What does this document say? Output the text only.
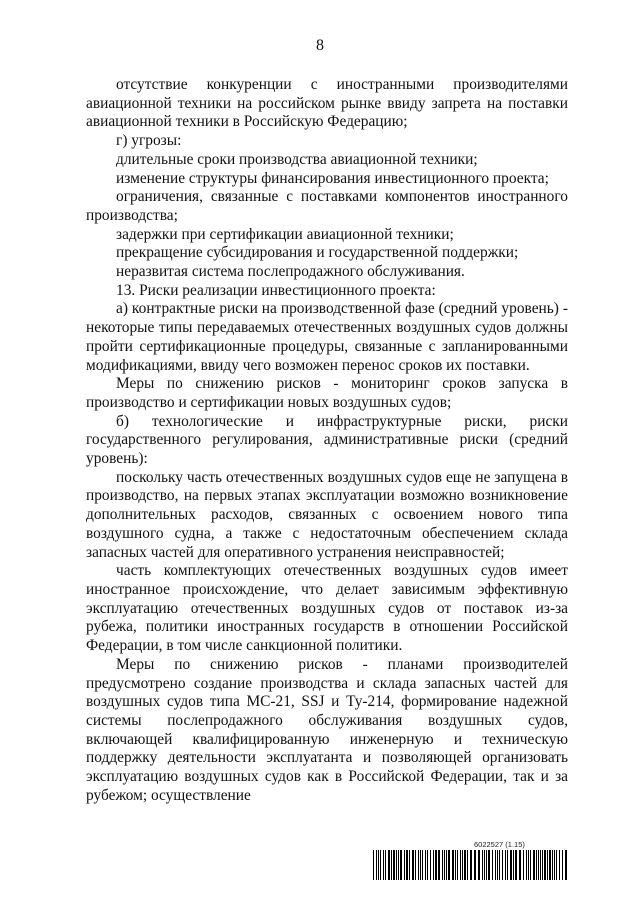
8

отсутствие конкуренции с иностранными производителями авиационной техники на российском рынке ввиду запрета на поставки авиационной техники в Российскую Федерацию;

г) угрозы:

длительные сроки производства авиационной техники;

изменение структуры финансирования инвестиционного проекта;

ограничения, связанные с поставками компонентов иностранного производства;

задержки при сертификации авиационной техники;

прекращение субсидирования и государственной поддержки;

неразвитая система послепродажного обслуживания.

13. Риски реализации инвестиционного проекта:

а) контрактные риски на производственной фазе (средний уровень) - некоторые типы передаваемых отечественных воздушных судов должны пройти сертификационные процедуры, связанные с запланированными модификациями, ввиду чего возможен перенос сроков их поставки.

Меры по снижению рисков - мониторинг сроков запуска в производство и сертификации новых воздушных судов;

б) технологические и инфраструктурные риски, риски государственного регулирования, административные риски (средний уровень):

поскольку часть отечественных воздушных судов еще не запущена в производство, на первых этапах эксплуатации возможно возникновение дополнительных расходов, связанных с освоением нового типа воздушного судна, а также с недостаточным обеспечением склада запасных частей для оперативного устранения неисправностей;

часть комплектующих отечественных воздушных судов имеет иностранное происхождение, что делает зависимым эффективную эксплуатацию отечественных воздушных судов от поставок из-за рубежа, политики иностранных государств в отношении Российской Федерации, в том числе санкционной политики.

Меры по снижению рисков - планами производителей предусмотрено создание производства и склада запасных частей для воздушных судов типа МС-21, SSJ и Ту-214, формирование надежной системы послепродажного обслуживания воздушных судов, включающей квалифицированную инженерную и техническую поддержку деятельности эксплуатанта и позволяющей организовать эксплуатацию воздушных судов как в Российской Федерации, так и за рубежом; осуществление

6022527 (1.15)
